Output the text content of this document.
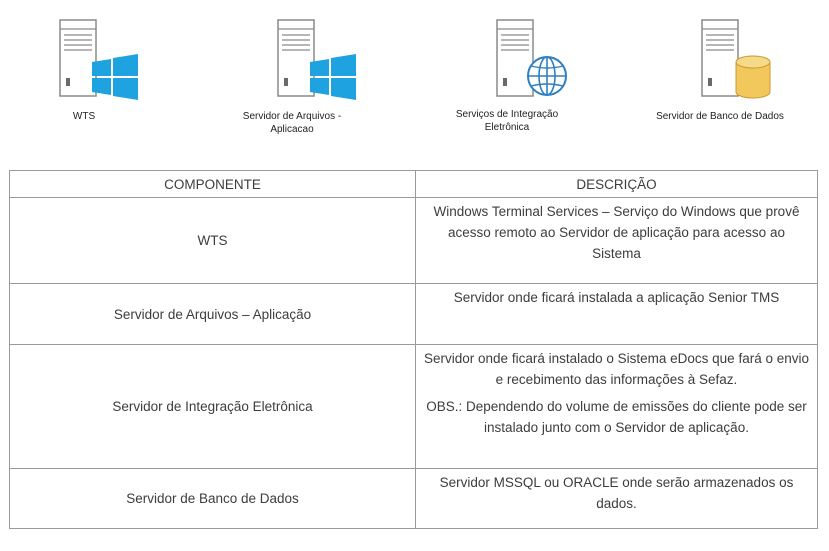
WTS	Servidor de Arquivos -
Aplicacao
Serviços de Integração
Eletrônica
Servidor de Banco de Dados
COMPONENTE	DESCRIÇÃO
WTS	Windows Terminal Services – Serviço do Windows que provê acesso remoto ao Servidor de aplicação para acesso ao Sistema

Servidor de Arquivos – Aplicação	Servidor onde ficará instalada a aplicação Senior TMS

Servidor de Integração Eletrônica	Servidor onde ficará instalado o Sistema eDocs que fará o envio e recebimento das informações à Sefaz.

OBS.: Dependendo do volume de emissões do cliente pode ser instalado junto com o Servidor de aplicação.

Servidor de Banco de Dados	Servidor MSSQL ou ORACLE onde serão armazenados os dados.
